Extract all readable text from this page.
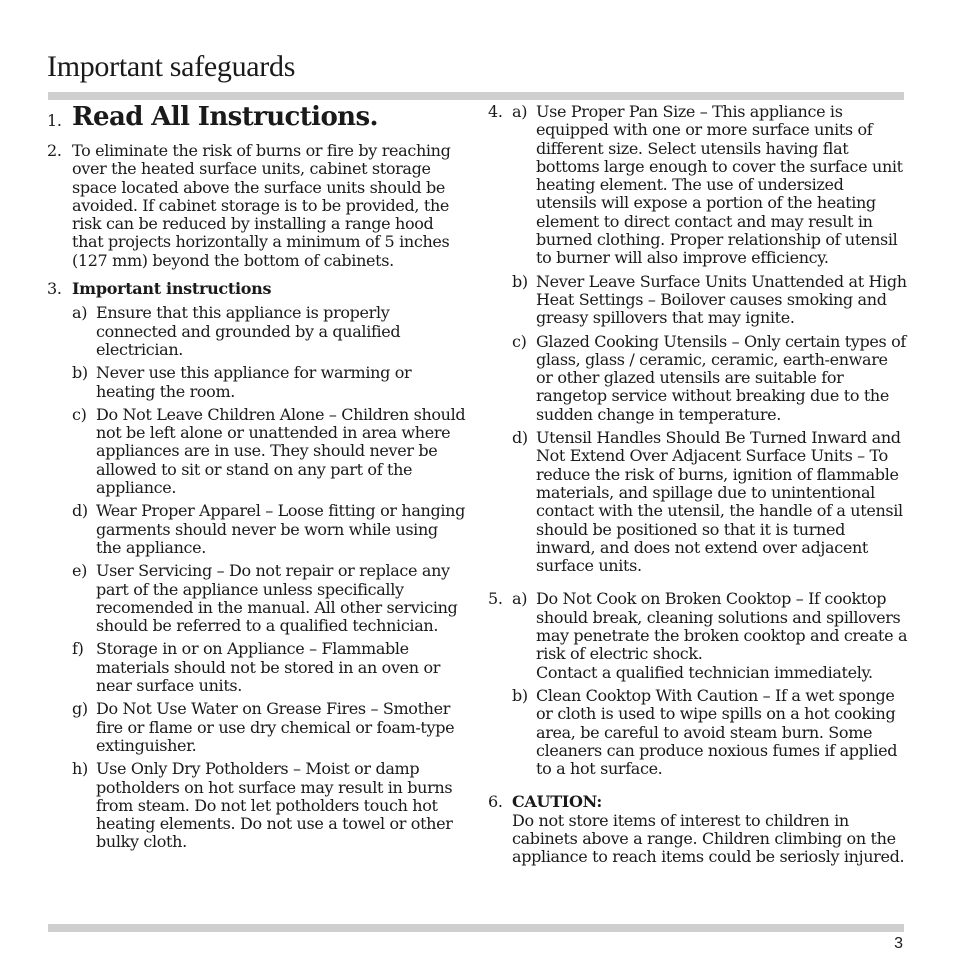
Important safeguards
1. Read All Instructions.
2. To eliminate the risk of burns or fire by reaching over the heated surface units, cabinet storage space located above the surface units should be avoided. If cabinet storage is to be provided, the risk can be reduced by installing a range hood that projects horizontally a minimum of 5 inches (127 mm) beyond the bottom of cabinets.

3. Important instructions
a) Ensure that this appliance is properly connected and grounded by a qualified electrician.

b) Never use this appliance for warming or heating the room.

c) Do Not Leave Children Alone – Children should not be left alone or unattended in area where appliances are in use. They should never be allowed to sit or stand on any part of the appliance.

d) Wear Proper Apparel – Loose fitting or hanging garments should never be worn while using the appliance.

e) User Servicing – Do not repair or replace any part of the appliance unless specifically recomended in the manual. All other servicing should be referred to a qualified technician.

f) Storage in or on Appliance – Flammable materials should not be stored in an oven or near surface units.

g) Do Not Use Water on Grease Fires – Smother fire or flame or use dry chemical or foam-type extinguisher.

h) Use Only Dry Potholders – Moist or damp potholders on hot surface may result in burns from steam. Do not let potholders touch hot heating elements. Do not use a towel or other bulky cloth.

4. a) Use Proper Pan Size – This appliance is equipped with one or more surface units of different size. Select utensils having flat bottoms large enough to cover the surface unit heating element. The use of undersized utensils will expose a portion of the heating element to direct contact and may result in burned clothing. Proper relationship of utensil to burner will also improve efficiency.

b) Never Leave Surface Units Unattended at High Heat Settings – Boilover causes smoking and greasy spillovers that may ignite.

c) Glazed Cooking Utensils – Only certain types of glass, glass / ceramic, ceramic, earth-enware or other glazed utensils are suitable for rangetop service without breaking due to the sudden change in temperature.

d) Utensil Handles Should Be Turned Inward and Not Extend Over Adjacent Surface Units – To reduce the risk of burns, ignition of flammable materials, and spillage due to unintentional contact with the utensil, the handle of a utensil should be positioned so that it is turned inward, and does not extend over adjacent surface units.

5. a) Do Not Cook on Broken Cooktop – If cooktop should break, cleaning solutions and spillovers may penetrate the broken cooktop and create a risk of electric shock.

Contact a qualified technician immediately.

b) Clean Cooktop With Caution – If a wet sponge or cloth is used to wipe spills on a hot cooking area, be careful to avoid steam burn. Some cleaners can produce noxious fumes if applied to a hot surface.

6. CAUTION:

Do not store items of interest to children in cabinets above a range. Children climbing on the appliance to reach items could be seriosly injured.

3
